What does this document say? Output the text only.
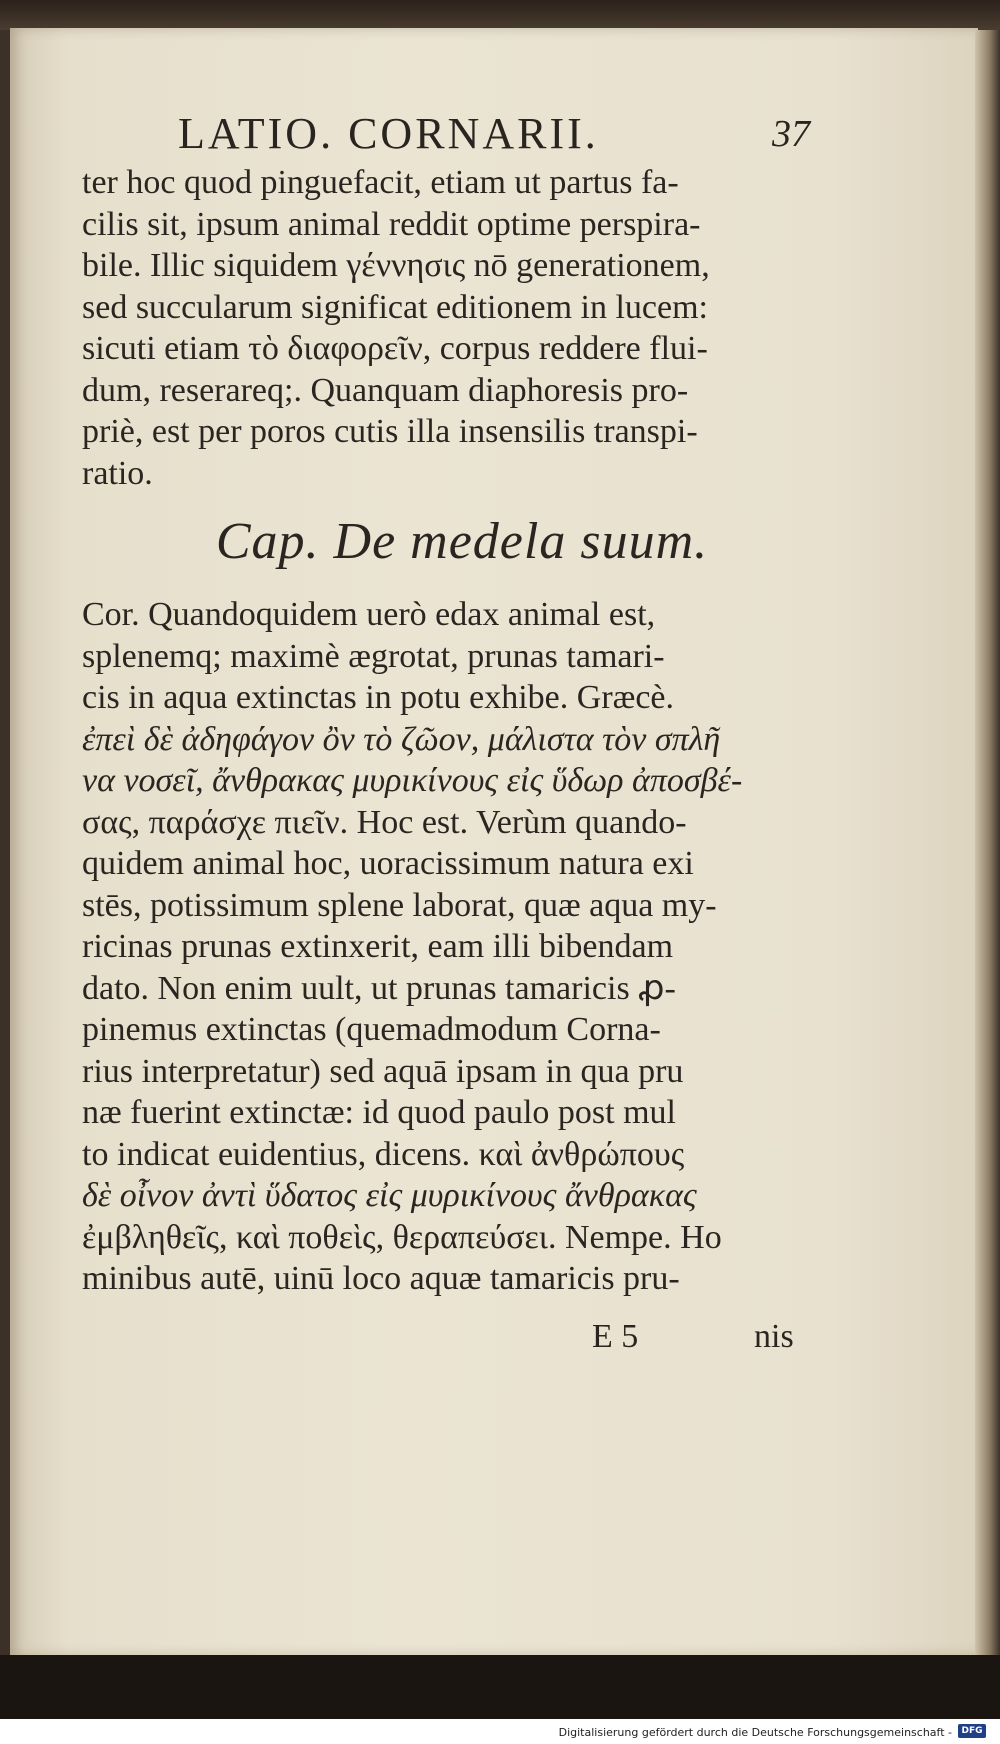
LATIO. CORNARII.	37
ter hoc quod pinguefacit, etiam ut partus fa-
cilis sit, ipsum animal reddit optime perspira-
bile. Illic siquidem γέννησις nō generationem,
sed succularum significat editionem in lucem:
sicuti etiam τὸ διαφορεῖν, corpus reddere flui-
dum, reserareq;. Quanquam diaphoresis pro-
priè, est per poros cutis illa insensilis transpi-
ratio.
Cap. De medela suum.
Cor. Quandoquidem uerò edax animal est,
splenemq; maximè ægrotat, prunas tamari-
cis in aqua extinctas in potu exhibe. Græcè.
ἐπεὶ δὲ ἀδηφάγον ὂν τὸ ζῶον, μάλιστα τὸν σπλῆ
να νοσεῖ, ἄνθρακας μυρικίνους εἰς ὕδωρ ἀποσβέ-
σας, παράσχε πιεῖν. Hoc est. Verùm quando-
quidem animal hoc, uoracissimum natura exi
stēs, potissimum splene laborat, quæ aqua my-
ricinas prunas extinxerit, eam illi bibendam
dato. Non enim uult, ut prunas tamaricis ꝓ-
pinemus extinctas (quemadmodum Corna-
rius interpretatur) sed aquā ipsam in qua pru
næ fuerint extinctæ: id quod paulo post mul
to indicat euidentius, dicens. καὶ ἀνθρώπους
δὲ οἶνον ἀντὶ ὕδατος εἰς μυρικίνους ἄνθρακας
ἐμβληθεῖς, καὶ ποθεὶς, θεραπεύσει. Nempe. Ho
minibus autē, uinū loco aquæ tamaricis pru-
E 5	nis
Digitalisierung gefördert durch die Deutsche Forschungsgemeinschaft -	DFG
